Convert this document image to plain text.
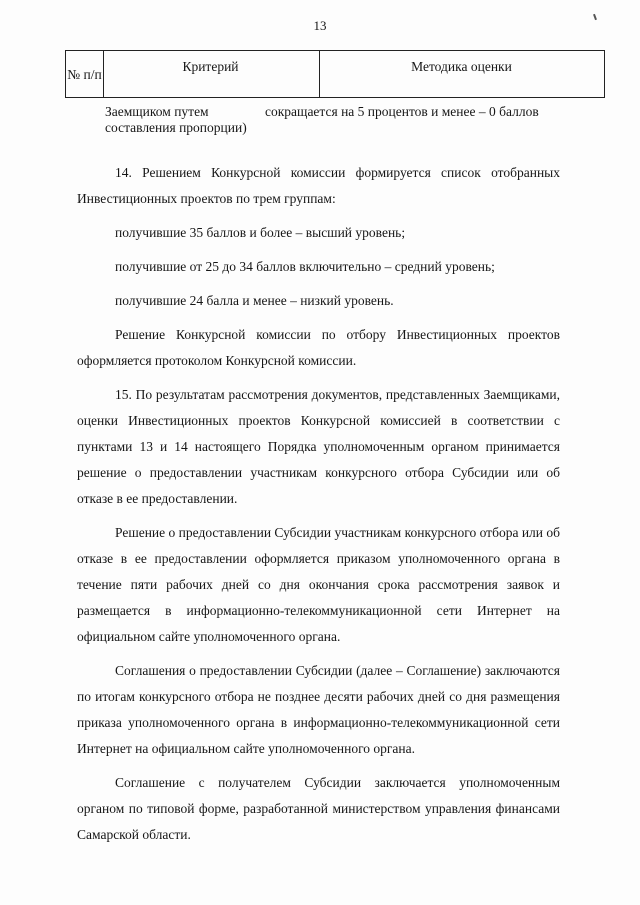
13
№ п/п	Критерий	Методика оценки
Заемщиком путем составления пропорции)
сокращается на 5 процентов и менее – 0 баллов

14. Решением Конкурсной комиссии формируется список отобранных Инвестиционных проектов по трем группам:

получившие 35 баллов и более – высший уровень;

получившие от 25 до 34 баллов включительно – средний уровень;

получившие 24 балла и менее – низкий уровень.

Решение Конкурсной комиссии по отбору Инвестиционных проектов оформляется протоколом Конкурсной комиссии.

15. По результатам рассмотрения документов, представленных Заемщиками, оценки Инвестиционных проектов Конкурсной комиссией в соответствии с пунктами 13 и 14 настоящего Порядка уполномоченным органом принимается решение о предоставлении участникам конкурсного отбора Субсидии или об отказе в ее предоставлении.

Решение о предоставлении Субсидии участникам конкурсного отбора или об отказе в ее предоставлении оформляется приказом уполномоченного органа в течение пяти рабочих дней со дня окончания срока рассмотрения заявок и размещается в информационно-телекоммуникационной сети Интернет на официальном сайте уполномоченного органа.

Соглашения о предоставлении Субсидии (далее – Соглашение) заключаются по итогам конкурсного отбора не позднее десяти рабочих дней со дня размещения приказа уполномоченного органа в информационно-телекоммуникационной сети Интернет на официальном сайте уполномоченного органа.

Соглашение с получателем Субсидии заключается уполномоченным органом по типовой форме, разработанной министерством управления финансами Самарской области.
